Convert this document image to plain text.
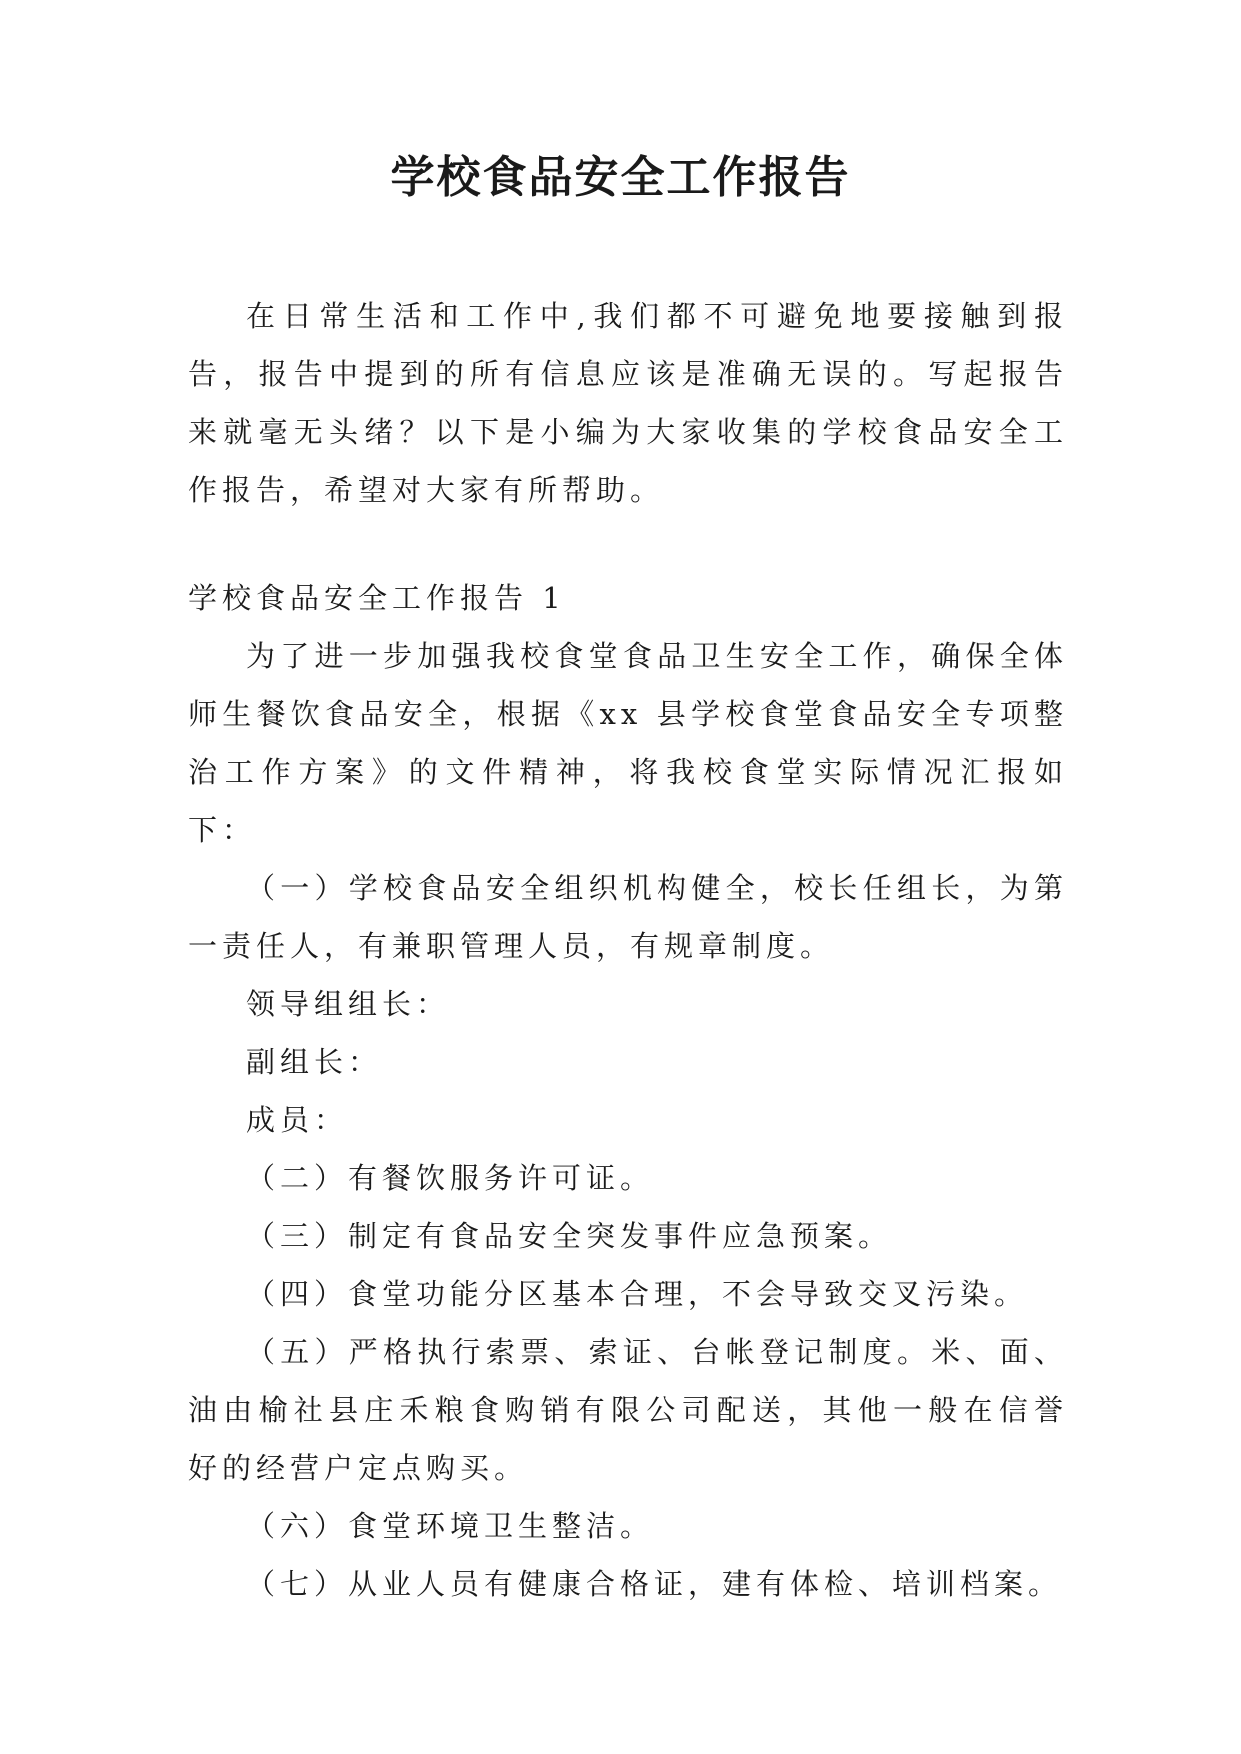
学校食品安全工作报告

在日常生活和工作中,我们都不可避免地要接触到报告，报告中提到的所有信息应该是准确无误的。写起报告来就毫无头绪？以下是小编为大家收集的学校食品安全工作报告，希望对大家有所帮助。

学校食品安全工作报告 1

为了进一步加强我校食堂食品卫生安全工作，确保全体师生餐饮食品安全，根据《xx 县学校食堂食品安全专项整治工作方案》的文件精神，将我校食堂实际情况汇报如下：

（一）学校食品安全组织机构健全，校长任组长，为第一责任人，有兼职管理人员，有规章制度。

领导组组长：

副组长：

成员：

（二）有餐饮服务许可证。

（三）制定有食品安全突发事件应急预案。

（四）食堂功能分区基本合理，不会导致交叉污染。

（五）严格执行索票、索证、台帐登记制度。米、面、油由榆社县庄禾粮食购销有限公司配送，其他一般在信誉好的经营户定点购买。

（六）食堂环境卫生整洁。

（七）从业人员有健康合格证，建有体检、培训档案。
